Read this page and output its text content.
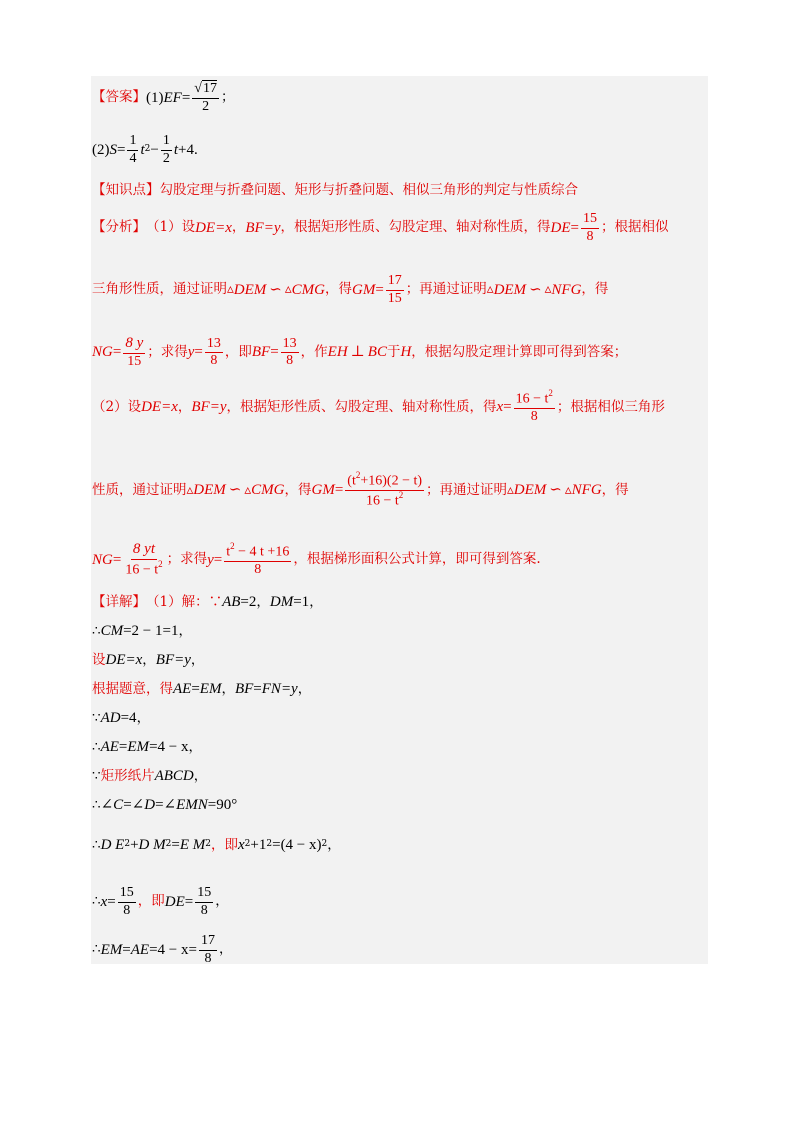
【答案】 (1) EF = $\frac{√17}{2}$ ；
(2) $S = \frac{1}{4} t^2 - \frac{1}{2}$ t +4 .
【知识点】 勾股定理与折叠问题、矩形与折叠问题、相似三角形的判定与性质综合
【分析】 （1）设 DE =x ， BF =y ，根据矩形性质、勾股定理、轴对称性质，得 DE = $\frac{15}{8}$ ；根据相似
三角形性质，通过证明 ▵ DEM ∽ ▵ CMG ，得 GM = $\frac{17}{15}$ ；再通过证明 ▵ DEM ∽ ▵ NFG ，得
NG = $\frac{8 y}{15}$ ；求得 $y = \frac{13}{8}$ ，即 BF = $\frac{13}{8}$ ，作 EH ⊥ BC 于 H ，根据勾股定理计算即可得到答案；
（2）设 DE =x ， BF =y ，根据矩形性质、勾股定理、轴对称性质，得 $x = \frac{16 - t^2}{8}$ ；根据相似三角形
性质，通过证明 ▵ DEM ∽ ▵ CMG ，得 GM = $\frac{(t^2+16)(2 - t)}{16 - t^2}$ ；再通过证明 ▵ DEM ∽ ▵ NFG ，得
NG = $\frac{8 yt}{16 - t^2}$ ；求得 $y = \frac{t^2 - 4 t +16}{8}$ ，根据梯形面积公式计算，即可得到答案.
【详解】 （1）解：∵ AB =2 ， DM =1 ，
∴ CM =2 − 1=1 ，
设 DE =x ， BF =y ，
根据题意，得 AE = EM ， BF = FN =y ，
∵ AD =4 ，
∴ AE = EM =4 − x ，
∵ 矩形纸片 ABCD ，
∴ ∠ C = ∠ D = ∠ EMN =90°
∴ D $E^2 + D$ $M^2 = E$ $M^2$ ，即 $x^2 + 1^2 = (4 - x)^2$ ，
∴ $x = \frac{15}{8}$ ，即 DE = $\frac{15}{8}$ ，
∴ EM = AE $=4 - x= \frac{17}{8}$ ，
